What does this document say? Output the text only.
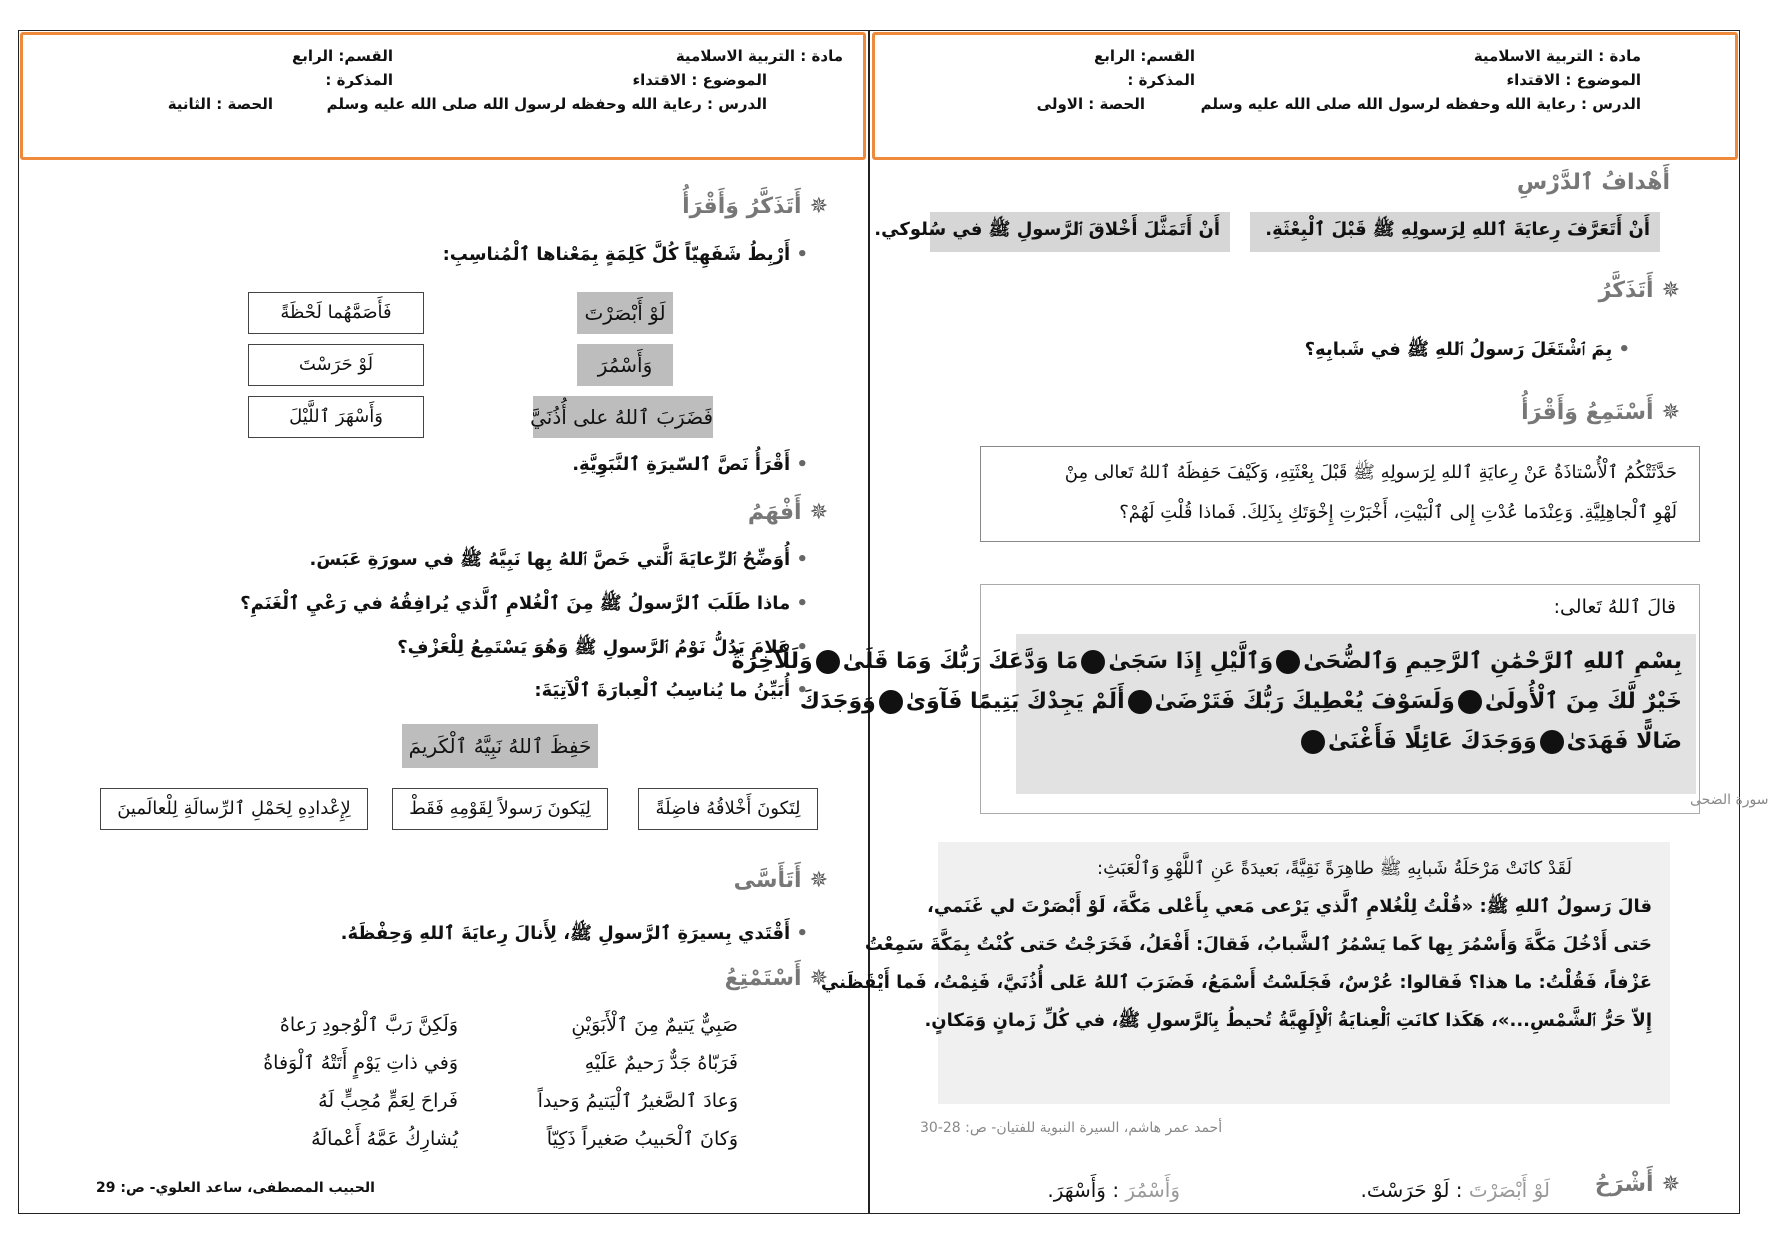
مادة : التربية الاسلامية
القسم: الرابع
الموضوع : الاقتداء
المذكرة :
الدرس : رعاية الله وحفظه لرسول الله صلى الله عليه وسلم
الحصة : الاولى
أَهْدافُ ٱلدَّرْسِ
أَنْ أَتَعَرَّفَ رِعايَةَ ٱللهِ لِرَسولِهِ ﷺ قَبْلَ ٱلْبِعْثَةِ.
أَنْ أَتَمَثَّلَ أَخْلاقَ ٱلرَّسولِ ﷺ في سُلوكي.
✵أَتَذَكَّرُ
• بِمَ ٱشْتَغَلَ رَسولُ ٱللهِ ﷺ في شَبابِهِ؟
✵أَسْتَمِعُ وَأَقْرَأُ
حَدَّثَتْكُمُ ٱلْأُسْتاذَةُ عَنْ رِعايَةِ ٱللهِ لِرَسولِهِ ﷺ قَبْلَ بِعْثَتِهِ، وَكَيْفَ حَفِظَهُ ٱللهُ تَعالى مِنْ
لَهْوِ ٱلْجاهِلِيَّةِ. وَعِنْدَما عُدْتِ إِلى ٱلْبَيْتِ، أَخْبَرْتِ إِخْوَتَكِ بِذَلِكَ. فَماذا قُلْتِ لَهُمْ؟
قالَ ٱللهُ تَعالى:
بِسْمِ ٱللهِ ٱلرَّحْمَٰنِ ٱلرَّحِيمِ وَٱلضُّحَىٰوَٱلَّيْلِ إِذَا سَجَىٰمَا وَدَّعَكَ رَبُّكَ وَمَا قَلَىٰوَلَلْآخِرَةُ
خَيْرٌ لَّكَ مِنَ ٱلْأُولَىٰوَلَسَوْفَ يُعْطِيكَ رَبُّكَ فَتَرْضَىٰأَلَمْ يَجِدْكَ يَتِيمًا فَآوَىٰوَوَجَدَكَ
ضَالًّا فَهَدَىٰوَوَجَدَكَ عَائِلًا فَأَغْنَىٰ
سورة الضحى
لَقَدْ كانَتْ مَرْحَلَةُ شَبابِهِ ﷺ طاهِرَةً نَقِيَّةً، بَعيدَةً عَنِ ٱللَّهْوِ وَٱلْعَبَثِ:
قالَ رَسولُ ٱللهِ ﷺ: «قُلْتُ لِلْغُلامِ ٱلَّذي يَرْعى مَعي بِأَعْلى مَكَّةَ، لَوْ أَبْصَرْتَ لي غَنَمي،
حَتى أَدْخُلَ مَكَّةَ وَأَسْمُرَ بِها كَما يَسْمُرُ ٱلشَّبابُ، فَقالَ: أَفْعَلُ، فَخَرَجْتُ حَتى كُنْتُ بِمَكَّةَ سَمِعْتُ
عَزْفاً، فَقُلْتُ: ما هذا؟ فَقالوا: عُرْسٌ، فَجَلَسْتُ أَسْمَعُ، فَضَرَبَ ٱللهُ عَلى أُذُنَيَّ، فَنِمْتُ، فَما أَيْقَظَني
إِلاّ حَرُّ ٱلشَّمْسِ...»، هَكَذا كانَتِ ٱلْعِنايَةُ ٱلْإِلَهِيَّةُ تُحيطُ بِٱلرَّسولِ ﷺ، في كُلِّ زَمانٍ وَمَكانٍ.
أحمد عمر هاشم، السيرة النبوية للفتيان- ص: 28-30
✵أَشْرَحُ
لَوْ أَبْصَرْتَ : لَوْ حَرَسْتَ.
وَأَسْمُرَ : وَأَسْهَرَ.
مادة : التربية الاسلامية
القسم: الرابع
الموضوع : الاقتداء
المذكرة :
الدرس : رعاية الله وحفظه لرسول الله صلى الله عليه وسلم
الحصة : الثانية
✵أَتَذَكَّرُ وَأَقْرَأُ
• أَرْبِطُ شَفَهِيّاً كُلَّ كَلِمَةٍ بِمَعْناها ٱلْمُناسِبِ:
لَوْ أَبْصَرْتَ
وَأَسْمُرَ
فَضَرَبَ ٱللهُ على أُذُنَيَّ
فَأَصَمَّهُما لَحْظَةً
لَوْ حَرَسْتَ
وَأَسْهَرَ ٱللَّيْلَ
• أَقْرَأُ نَصَّ ٱلسّيرَةِ ٱلنَّبَوِيَّةِ.
✵أَفْهَمُ
• أُوَضِّحُ ٱلرِّعايَةَ ٱلَّتي خَصَّ ٱللهُ بِها نَبِيَّهُ ﷺ في سورَةِ عَبَسَ.
• ماذا طَلَبَ ٱلرَّسولُ ﷺ مِنَ ٱلْغُلامِ ٱلَّذي يُرافِقُهُ في رَعْيِ ٱلْغَنَمِ؟
• عَلامَ يَدُلُّ نَوْمُ ٱلرَّسولِ ﷺ وَهُوَ يَسْتَمِعُ لِلْعَزْفِ؟
• أُبَيِّنُ ما يُناسِبُ ٱلْعِبارَةَ ٱلْآتِيَةَ:
حَفِظَ ٱللهُ نَبِيَّهُ ٱلْكَريمَ
لِتَكونَ أَخْلاقُهُ فاضِلَةً
لِيَكونَ رَسولاً لِقَوْمِهِ فَقَطْ
لِإِعْدادِهِ لِحَمْلِ ٱلرِّسالَةِ لِلْعالَمينَ
✵أَتَأَسَّى
• أَقْتَدي بِسيرَةِ ٱلرَّسولِ ﷺ، لِأَنالَ رِعايَةَ ٱللهِ وَحِفْظَهُ.
✵أَسْتَمْتِعُ
صَبِيٌّ يَتيمٌ مِنَ ٱلْأَبَوَيْنِ
فَرَبّاهُ جَدٌّ رَحيمٌ عَلَيْهِ
وَعادَ ٱلصَّغيرُ ٱلْيَتيمُ وَحيداً
وَكانَ ٱلْحَبيبُ صَغيراً ذَكِيّاً
وَلَكِنَّ رَبَّ ٱلْوُجودِ رَعاهُ
وَفي ذاتِ يَوْمٍ أَتَتْهُ ٱلْوَفاةُ
فَراحَ لِعَمٍّ مُحِبٍّ لَهُ
يُشارِكُ عَمَّهُ أَعْمالَهُ
الحبيب المصطفى، ساعد العلوي- ص: 29
